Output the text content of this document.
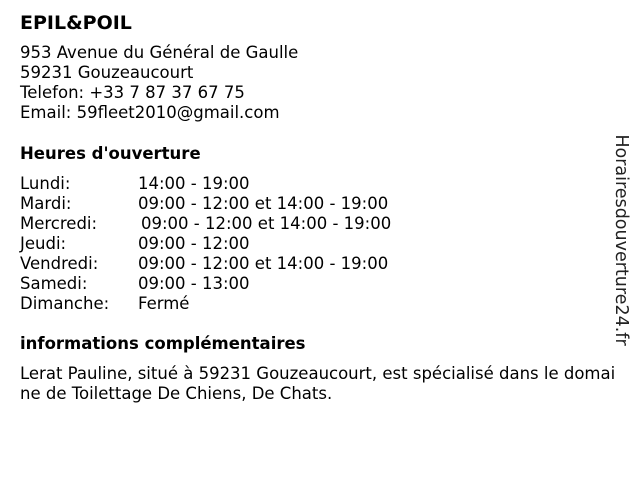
EPIL&POIL
953 Avenue du Général de Gaulle
59231 Gouzeaucourt
Telefon: +33 7 87 37 67 75
Email: 59fleet2010@gmail.com
Heures d'ouverture
Lundi:	14:00 - 19:00
Mardi:	09:00 - 12:00 et 14:00 - 19:00
Mercredi:	09:00 - 12:00 et 14:00 - 19:00
Jeudi:	09:00 - 12:00
Vendredi: 09:00 - 12:00 et 14:00 - 19:00
Samedi:	09:00 - 13:00
Dimanche: Fermé
informations complémentaires

Lerat Pauline, situé à 59231 Gouzeaucourt, est spécialisé dans le domaine de Toilettage De Chiens, De Chats.

Horairesdouverture24.fr
